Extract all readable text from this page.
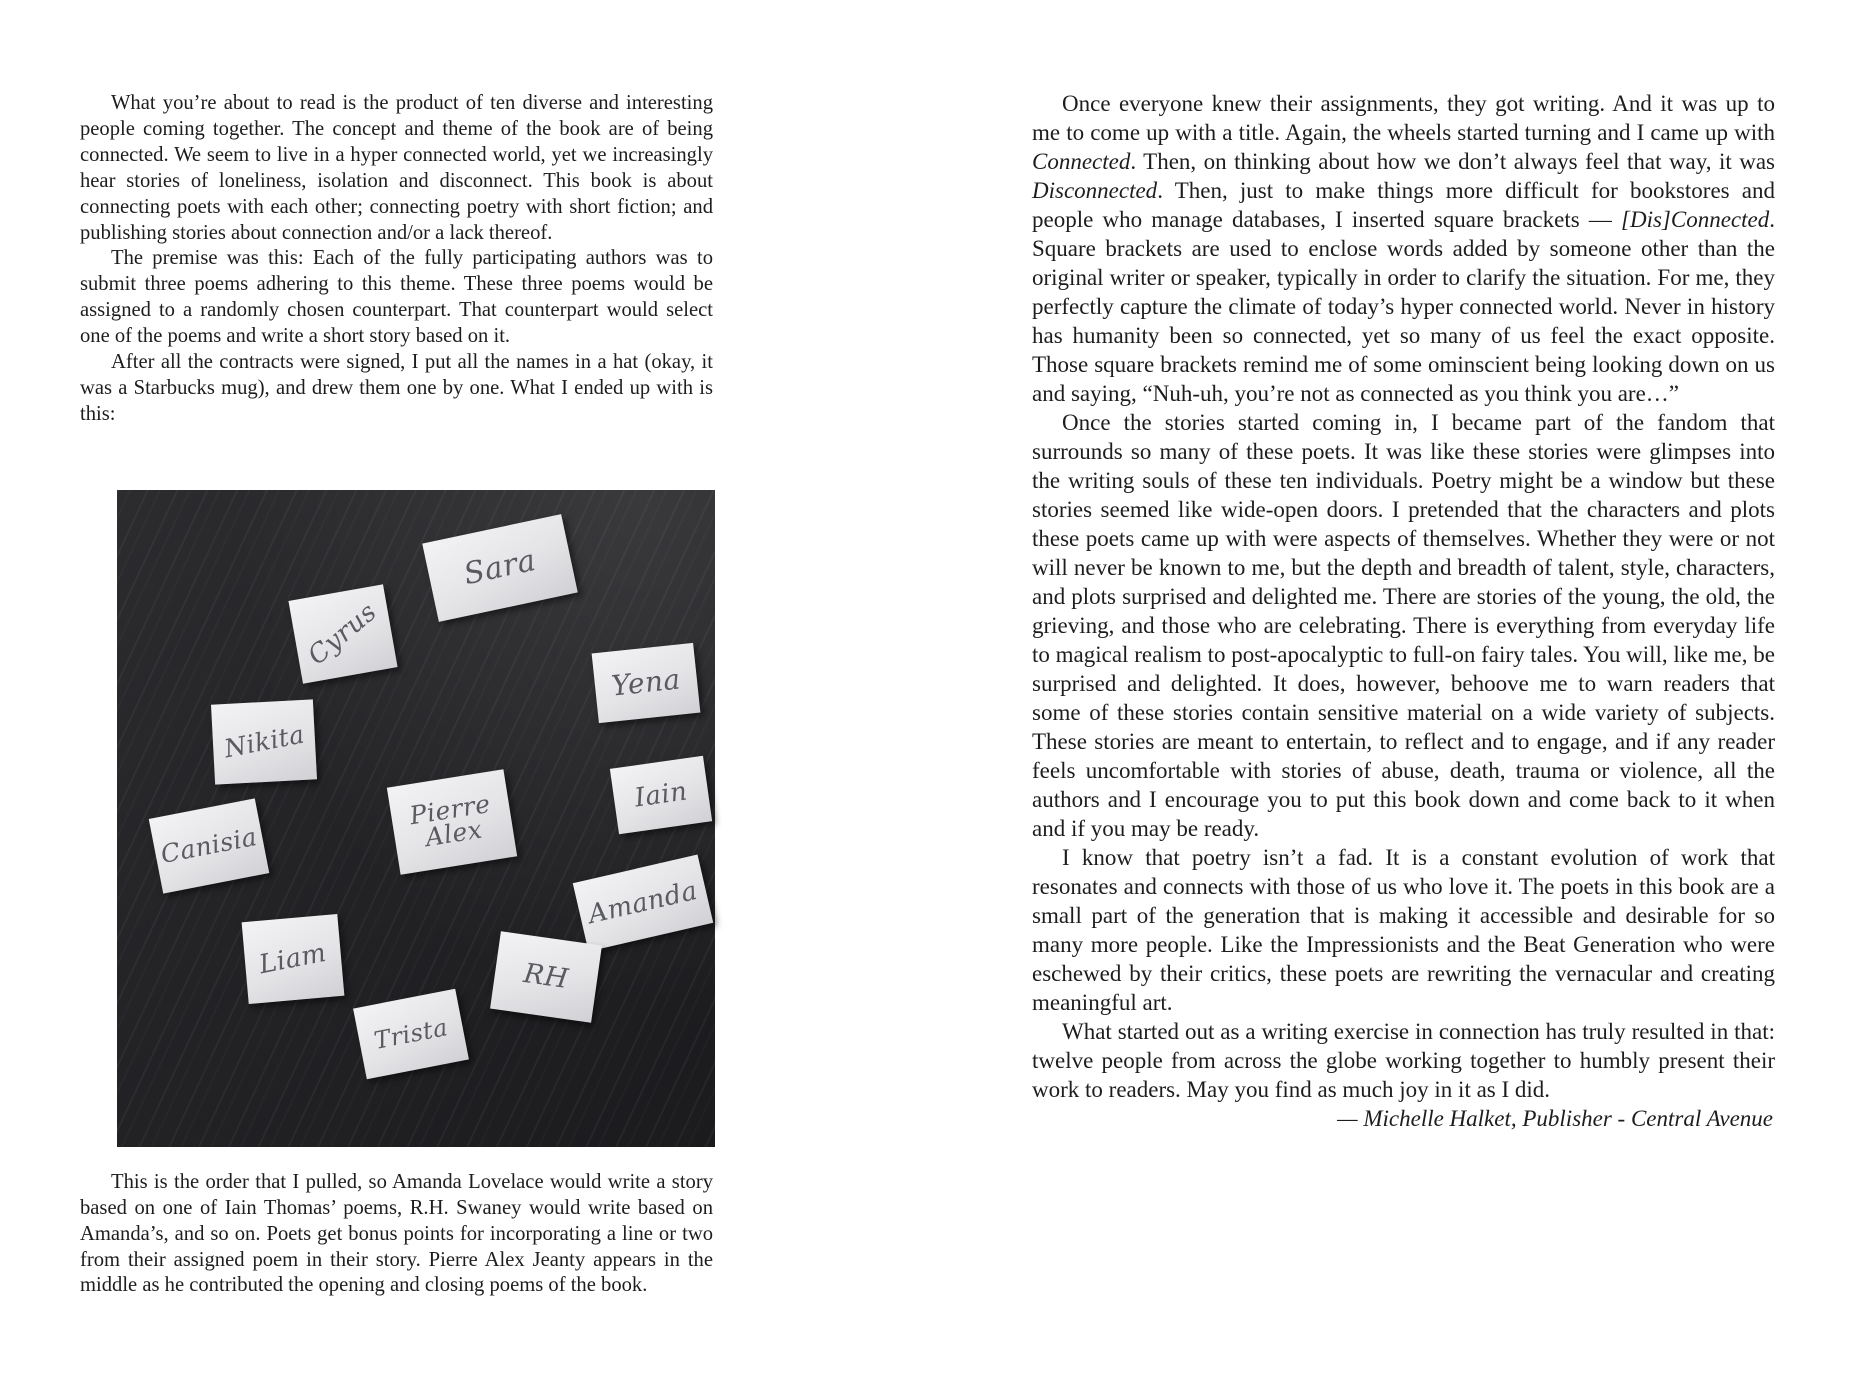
What you’re about to read is the product of ten diverse and interesting people coming together. The concept and theme of the book are of being connected. We seem to live in a hyper connected world, yet we increasingly hear stories of loneliness, isolation and disconnect. This book is about connecting poets with each other; connecting poetry with short fiction; and publishing stories about connection and/or a lack thereof.

The premise was this: Each of the fully participating authors was to submit three poems adhering to this theme. These three poems would be assigned to a randomly chosen counterpart. That counterpart would select one of the poems and write a short story based on it.

After all the contracts were signed, I put all the names in a hat (okay, it was a Starbucks mug), and drew them one by one. What I ended up with is this:

Sara
Cyrus
Yena
Nikita
Iain
Pierre
Alex
Canisia
Amanda
Liam	RH
Trista

This is the order that I pulled, so Amanda Lovelace would write a story based on one of Iain Thomas’ poems, R.H. Swaney would write based on Amanda’s, and so on. Poets get bonus points for incorporating a line or two from their assigned poem in their story. Pierre Alex Jeanty appears in the middle as he contributed the opening and closing poems of the book.

Once everyone knew their assignments, they got writing. And it was up to me to come up with a title. Again, the wheels started turning and I came up with Connected. Then, on thinking about how we don’t always feel that way, it was Disconnected. Then, just to make things more difficult for bookstores and people who manage databases, I inserted square brackets — [Dis]Connected. Square brackets are used to enclose words added by someone other than the original writer or speaker, typically in order to clarify the situation. For me, they perfectly capture the climate of today’s hyper connected world. Never in history has humanity been so connected, yet so many of us feel the exact opposite. Those square brackets remind me of some ominscient being looking down on us and saying, “Nuh-uh, you’re not as connected as you think you are…”

Once the stories started coming in, I became part of the fandom that surrounds so many of these poets. It was like these stories were glimpses into the writing souls of these ten individuals. Poetry might be a window but these stories seemed like wide-open doors. I pretended that the characters and plots these poets came up with were aspects of themselves. Whether they were or not will never be known to me, but the depth and breadth of talent, style, characters, and plots surprised and delighted me. There are stories of the young, the old, the grieving, and those who are celebrating. There is everything from everyday life to magical realism to post-apocalyptic to full-on fairy tales. You will, like me, be surprised and delighted. It does, however, behoove me to warn readers that some of these stories contain sensitive material on a wide variety of subjects. These stories are meant to entertain, to reflect and to engage, and if any reader feels uncomfortable with stories of abuse, death, trauma or violence, all the authors and I encourage you to put this book down and come back to it when and if you may be ready.

I know that poetry isn’t a fad. It is a constant evolution of work that resonates and connects with those of us who love it. The poets in this book are a small part of the generation that is making it accessible and desirable for so many more people. Like the Impressionists and the Beat Generation who were eschewed by their critics, these poets are rewriting the vernacular and creating meaningful art.

What started out as a writing exercise in connection has truly resulted in that: twelve people from across the globe working together to humbly present their work to readers. May you find as much joy in it as I did.

— Michelle Halket, Publisher - Central Avenue
